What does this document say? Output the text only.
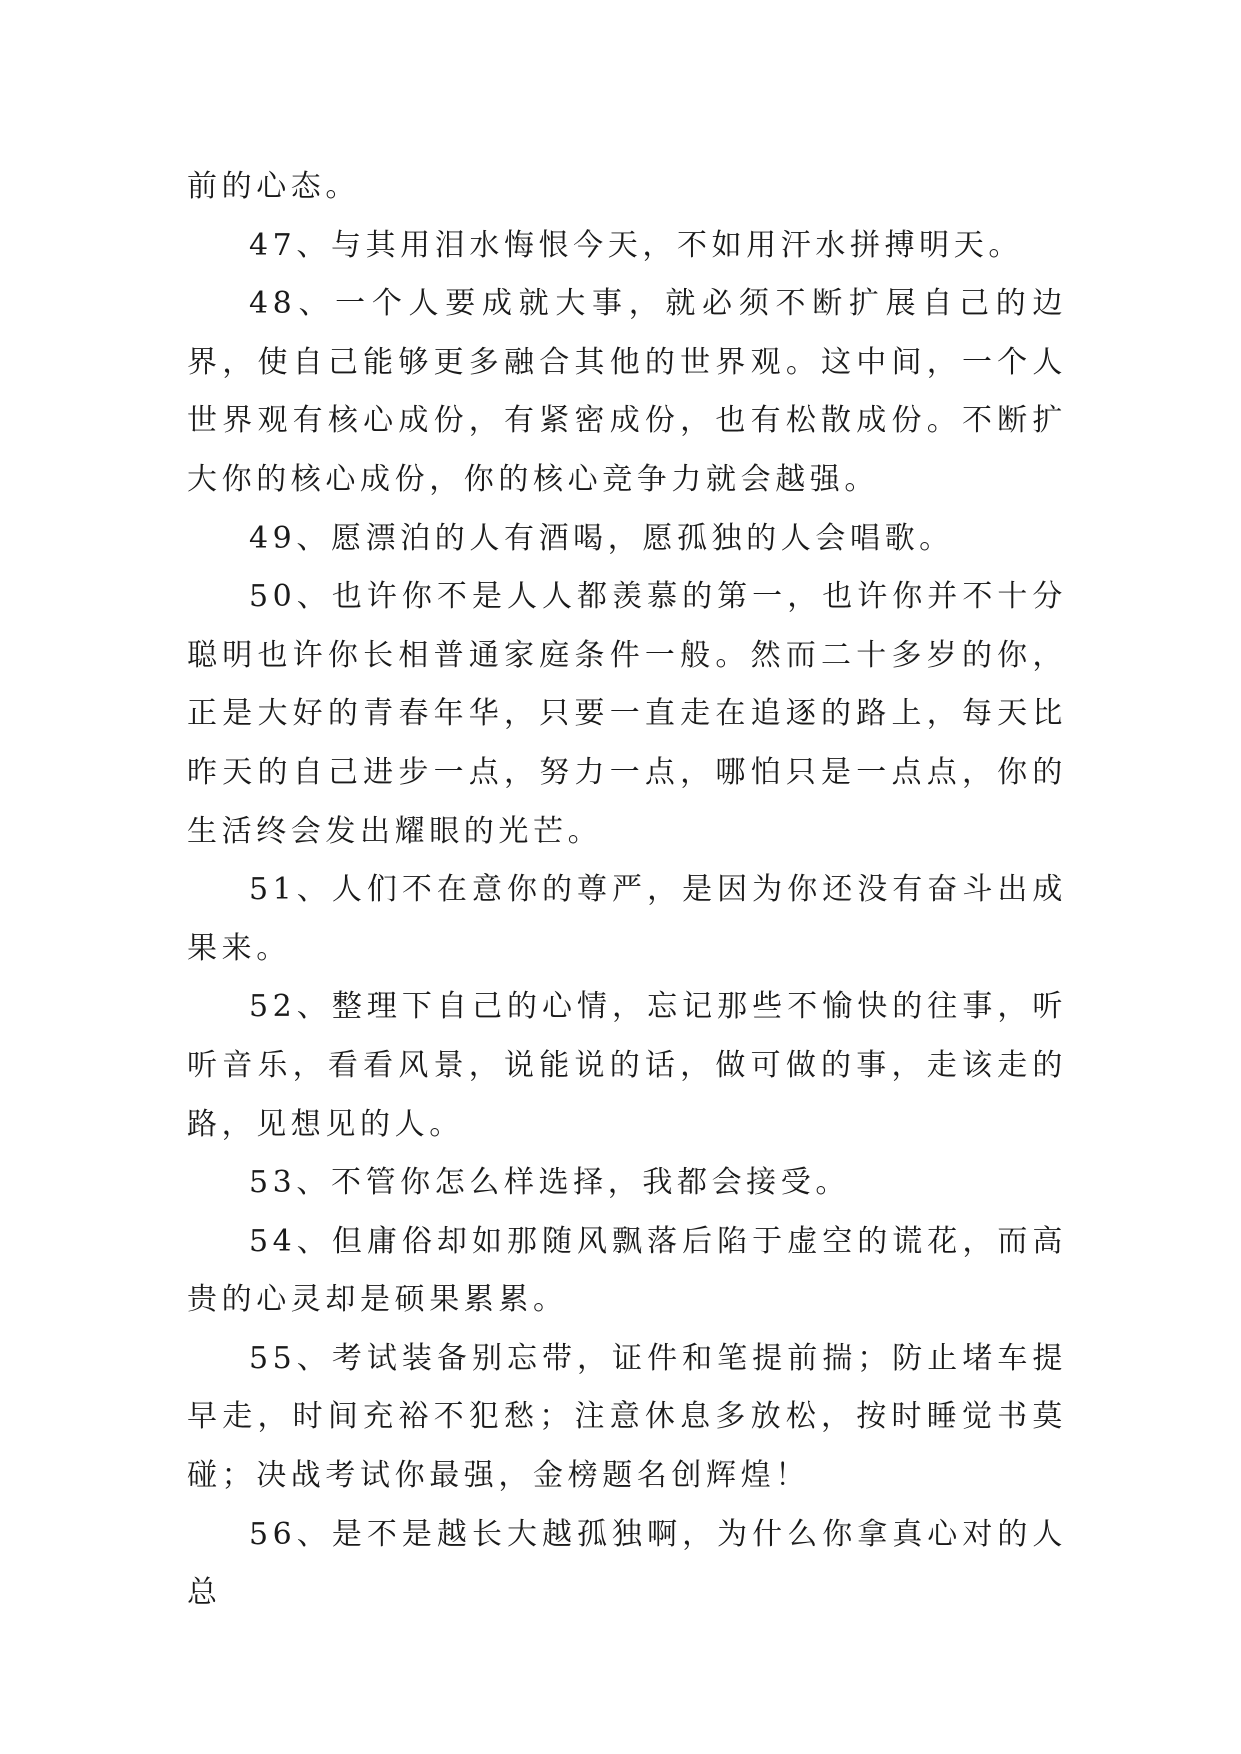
前的心态。

47、与其用泪水悔恨今天，不如用汗水拼搏明天。

48、一个人要成就大事，就必须不断扩展自己的边界，使自己能够更多融合其他的世界观。这中间，一个人世界观有核心成份，有紧密成份，也有松散成份。不断扩大你的核心成份，你的核心竞争力就会越强。

49、愿漂泊的人有酒喝，愿孤独的人会唱歌。

50、也许你不是人人都羡慕的第一，也许你并不十分聪明也许你长相普通家庭条件一般。然而二十多岁的你，正是大好的青春年华，只要一直走在追逐的路上，每天比昨天的自己进步一点，努力一点，哪怕只是一点点，你的生活终会发出耀眼的光芒。

51、人们不在意你的尊严，是因为你还没有奋斗出成果来。

52、整理下自己的心情，忘记那些不愉快的往事，听听音乐，看看风景，说能说的话，做可做的事，走该走的路，见想见的人。

53、不管你怎么样选择，我都会接受。

54、但庸俗却如那随风飘落后陷于虚空的谎花，而高贵的心灵却是硕果累累。

55、考试装备别忘带，证件和笔提前揣；防止堵车提早走，时间充裕不犯愁；注意休息多放松，按时睡觉书莫碰；决战考试你最强，金榜题名创辉煌！

56、是不是越长大越孤独啊，为什么你拿真心对的人总
